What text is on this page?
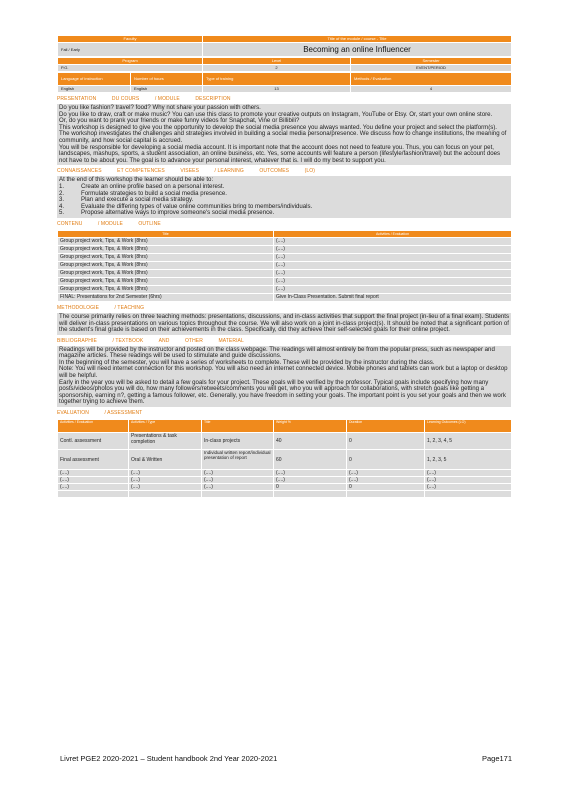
Faculty	Title of the module / course - Title
Fall / Early	Becoming an online Influencer
Program	Level	Semester
P.G.	2	EVENT/PERIOD
Language of instruction	Number of hours	Type of training	Methods / Evaluation
English	English	13	4
PRESENTATION	DU COURS	/ MODULE	DESCRIPTION

Do you like fashion? travel? food? Why not share your passion with others.

Do you like to draw, craft or make music? You can use this class to promote your creative outputs on Instagram, YouTube or Etsy. Or, start your own online store.

Or, do you want to prank your friends or make funny videos for Snapchat, Vine or Billibili?

This workshop is designed to give you the opportunity to develop the social media presence you always wanted. You define your project and select the platform(s).

The workshop investigates the challenges and strategies involved in building a social media persona/presence. We discuss how to change institutions, the meaning of community, and how social capital is accrued.

You will be responsible for developing a social media account. It is important note that the account does not need to feature you. Thus, you can focus on your pet, landscapes, mashups, sports, a student association, an online business, etc. Yes, some accounts will feature a person (lifestyle/fashion/travel) but the account does not have to be about you. The goal is to advance your personal interest, whatever that is. I will do my best to support you.

CONNAISSANCES	ET COMPETENCES	VISEES	/ LEARNING	OUTCOMES	(LO)
At the end of this workshop the learner should be able to:
1.	Create an online profile based on a personal interest.
2.	Formulate strategies to build a social media presence.
3.	Plan and execute a social media strategy.
4.	Evaluate the differing types of value online communities bring to members/individuals.
5.	Propose alternative ways to improve someone's social media presence.
CONTENU	/ MODULE	OUTLINE
Title	Activities / Evaluation
Group project work, Tips, & Work (8hrs)	(....)
Group project work, Tips, & Work (8hrs)	(....)
Group project work, Tips, & Work (8hrs)	(....)
Group project work, Tips, & Work (8hrs)	(....)
Group project work, Tips, & Work (8hrs)	(....)
Group project work, Tips, & Work (8hrs)	(....)
Group project work, Tips, & Work (8hrs)	(....)
FINAL: Presentations for 2nd Semester (6hrs)	Give In-Class Presentation. Submit final report
METHODOLOGIE	/ TEACHING

The course primarily relies on three teaching methods: presentations, discussions, and in-class activities that support the final project (in-lieu of a final exam). Students will deliver in-class presentations on various topics throughout the course. We will also work on a joint in-class project(s). It should be noted that a significant portion of the student's final grade is based on their achievements in the class. Specifically, did they achieve their self-selected goals for their online project.

BIBLIOGRAPHIE	/ TEXTBOOK	AND	OTHER	MATERIAL

Readings will be provided by the instructor and posted on the class webpage. The readings will almost entirely be from the popular press, such as newspaper and magazine articles. These readings will be used to stimulate and guide discussions.

In the beginning of the semester, you will have a series of worksheets to complete. These will be provided by the instructor during the class.

Note: You will need internet connection for this workshop. You will also need an internet connected device. Mobile phones and tablets can work but a laptop or desktop will be helpful.

Early in the year you will be asked to detail a few goals for your project. These goals will be verified by the professor. Typical goals include specifying how many posts/videos/photos you will do, how many followers/retweets/comments you will get, who you will approach for collaborations, with stretch goals like getting a sponsorship, earning n?, getting a famous follower, etc. Generally, you have freedom in setting your goals. The important point is you set your goals and then we work together trying to achieve them.

EVALUATION	/ ASSESSMENT
Activities / Evaluation	Activities / Type	Title	Weight %	Duration	Learning Outcomes (LO)
Contl. assessment	Presentations & task completion	In-class projects	40	0	1, 2, 3, 4, 5
Final assessment	Oral & Written	Individual written report/individual presentation of report	60	0	1, 2, 3, 5
(....)	(....)	(....)	(....)	(....)	(....)
(....)	(....)	(....)	(....)	(....)	(....)
(....)	(....)	(....)	0	0	(....)

Livret PGE2 2020-2021 – Student handbook 2nd Year 2020-2021	Page171
